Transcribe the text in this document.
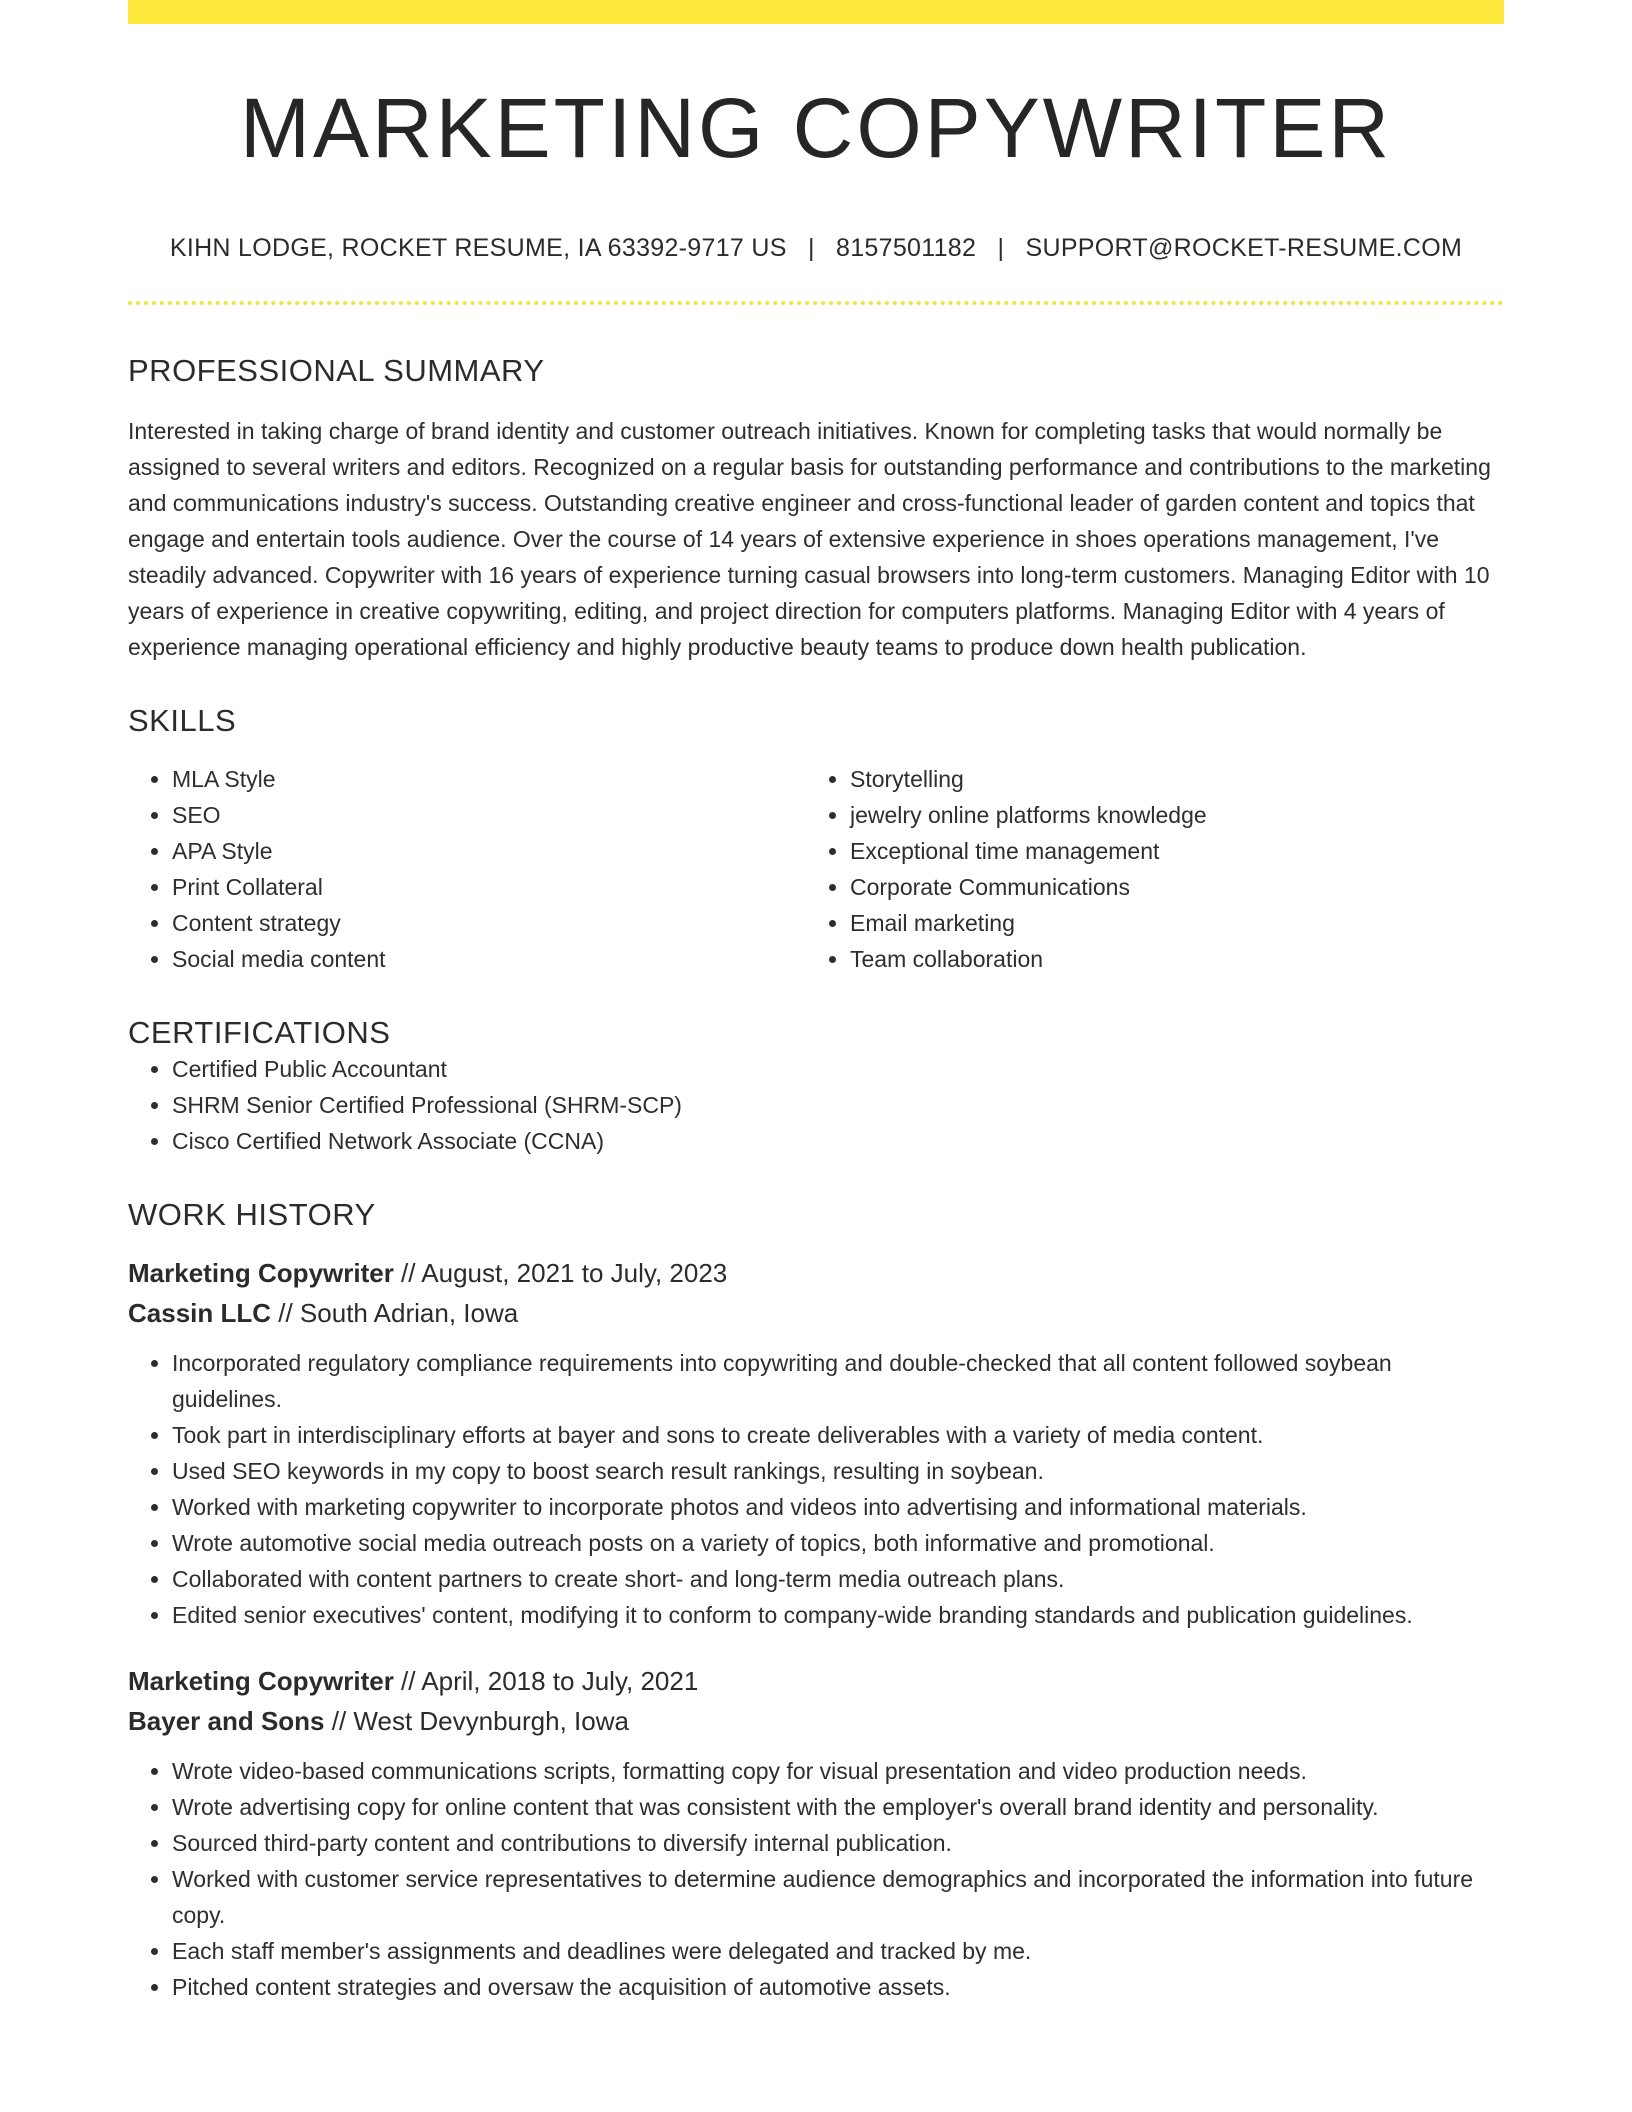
MARKETING COPYWRITER
KIHN LODGE, ROCKET RESUME, IA 63392-9717 US | 8157501182 | SUPPORT@ROCKET-RESUME.COM
PROFESSIONAL SUMMARY

Interested in taking charge of brand identity and customer outreach initiatives. Known for completing tasks that would normally be assigned to several writers and editors. Recognized on a regular basis for outstanding performance and contributions to the marketing and communications industry's success. Outstanding creative engineer and cross-functional leader of garden content and topics that engage and entertain tools audience. Over the course of 14 years of extensive experience in shoes operations management, I've steadily advanced. Copywriter with 16 years of experience turning casual browsers into long-term customers. Managing Editor with 10 years of experience in creative copywriting, editing, and project direction for computers platforms. Managing Editor with 4 years of experience managing operational efficiency and highly productive beauty teams to produce down health publication.

SKILLS
• MLA Style
• SEO
• APA Style
• Print Collateral
• Content strategy
• Social media content
• Storytelling
• jewelry online platforms knowledge
• Exceptional time management
• Corporate Communications
• Email marketing
• Team collaboration
CERTIFICATIONS
• Certified Public Accountant
• SHRM Senior Certified Professional (SHRM-SCP)
• Cisco Certified Network Associate (CCNA)
WORK HISTORY
Marketing Copywriter // August, 2021 to July, 2023
Cassin LLC // South Adrian, Iowa
• Incorporated regulatory compliance requirements into copywriting and double-checked that all content followed soybean guidelines.
• Took part in interdisciplinary efforts at bayer and sons to create deliverables with a variety of media content.
• Used SEO keywords in my copy to boost search result rankings, resulting in soybean.
• Worked with marketing copywriter to incorporate photos and videos into advertising and informational materials.
• Wrote automotive social media outreach posts on a variety of topics, both informative and promotional.
• Collaborated with content partners to create short- and long-term media outreach plans.
• Edited senior executives' content, modifying it to conform to company-wide branding standards and publication guidelines.
Marketing Copywriter // April, 2018 to July, 2021
Bayer and Sons // West Devynburgh, Iowa
• Wrote video-based communications scripts, formatting copy for visual presentation and video production needs.
• Wrote advertising copy for online content that was consistent with the employer's overall brand identity and personality.
• Sourced third-party content and contributions to diversify internal publication.
• Worked with customer service representatives to determine audience demographics and incorporated the information into future copy.
• Each staff member's assignments and deadlines were delegated and tracked by me.
• Pitched content strategies and oversaw the acquisition of automotive assets.
